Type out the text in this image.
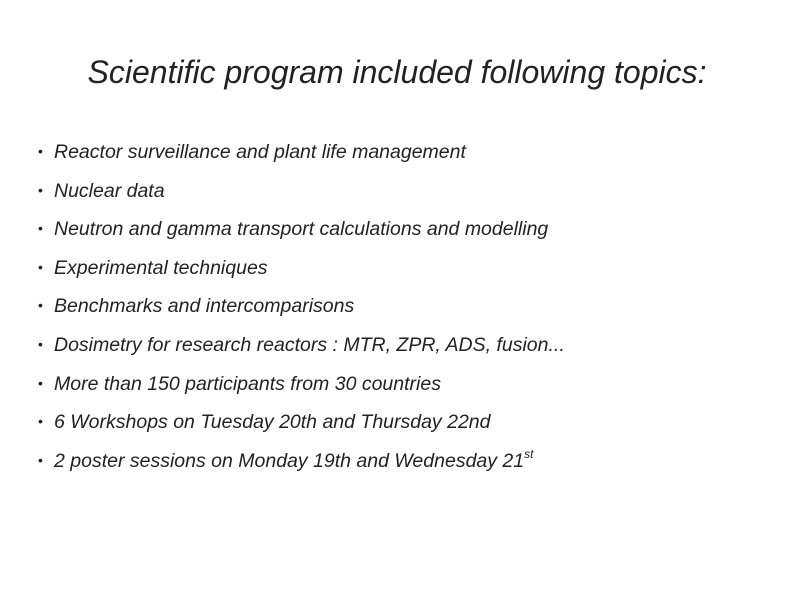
Scientific program included following topics:
• Reactor surveillance and plant life management
• Nuclear data
• Neutron and gamma transport calculations and modelling
• Experimental techniques
• Benchmarks and intercomparisons
• Dosimetry for research reactors : MTR, ZPR, ADS, fusion...
• More than 150 participants from 30 countries
• 6 Workshops on Tuesday 20th and Thursday 22nd
• 2 poster sessions on Monday 19th and Wednesday 21st
